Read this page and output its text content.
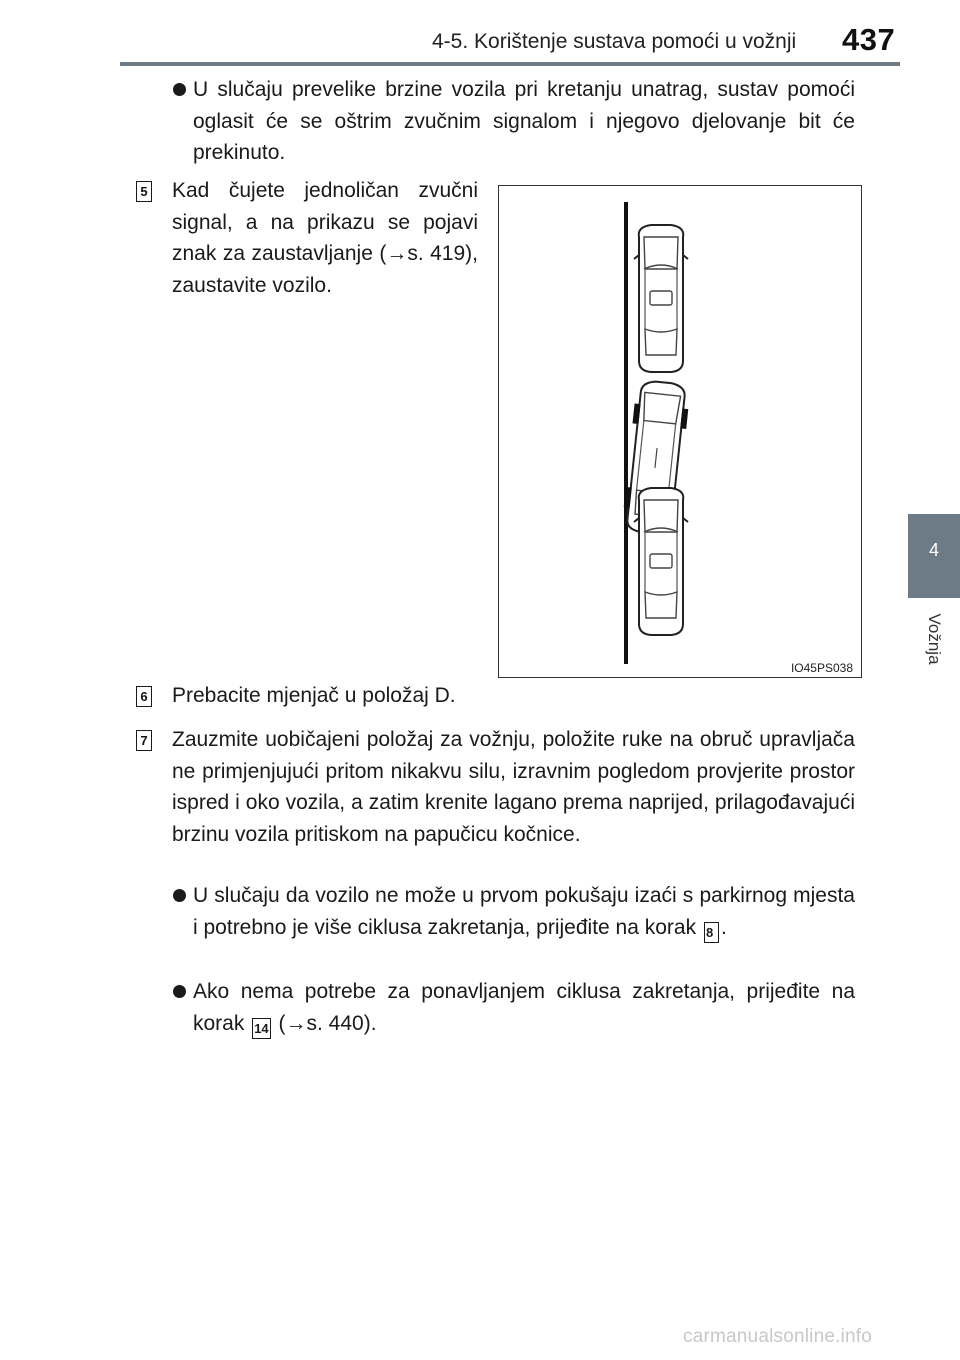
4-5. Korištenje sustava pomoći u vožnji 437
4
Vožnja
U slučaju prevelike brzine vozila pri kretanju unatrag, sustav pomoći oglasit će se oštrim zvučnim signalom i njegovo djelovanje bit će prekinuto.
5 Kad čujete jednoličan zvučni signal, a na prikazu se pojavi znak za zaustavljanje (→s. 419), zaustavite vozilo.
IO45PS038
6 Prebacite mjenjač u položaj D.
7 Zauzmite uobičajeni položaj za vožnju, položite ruke na obruč upravljača ne primjenjujući pritom nikakvu silu, izravnim pogledom provjerite prostor ispred i oko vozila, a zatim krenite lagano prema naprijed, prilagođavajući brzinu vozila pritiskom na papučicu kočnice.
U slučaju da vozilo ne može u prvom pokušaju izaći s parkirnog mjesta i potrebno je više ciklusa zakretanja, prijeđite na korak 8 .
Ako nema potrebe za ponavljanjem ciklusa zakretanja, prijeđite na korak 14 (→s. 440).
carmanualsonline.info
